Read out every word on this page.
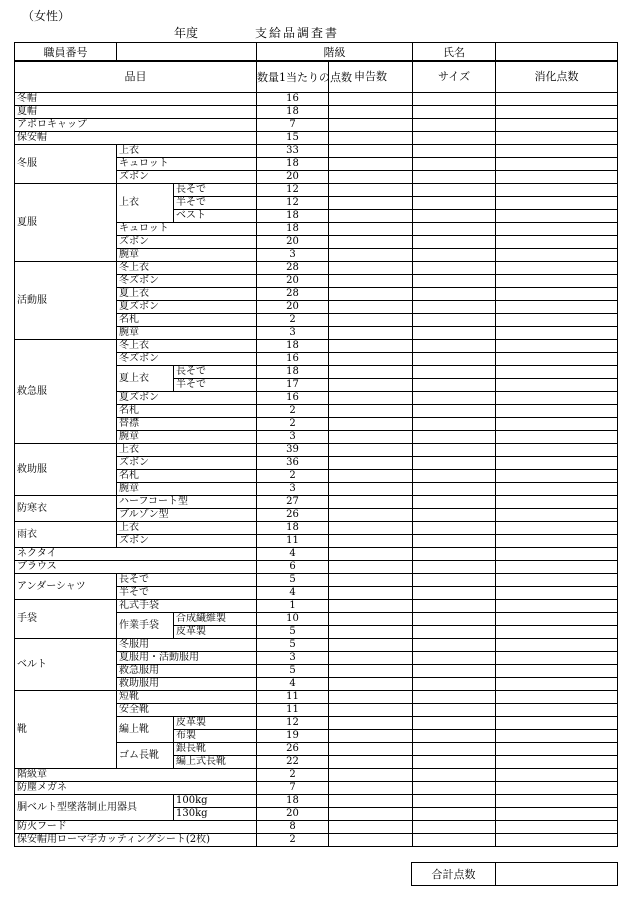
（女性）
年度	支給品調査書
職員番号		階級	氏名	
品目			数量1当たりの点数	申告数	サイズ	消化点数
冬帽			16			
夏帽			18			
アポロキャップ			7			
保安帽			15			
冬服	上衣		33			
	キュロット		18			
	ズボン		20			
夏服	上衣	長そで	12			
		半そで	12			
		ベスト	18			
	キュロット		18			
	ズボン		20			
	腕章		3			
活動服	冬上衣		28			
	冬ズボン		20			
	夏上衣		28			
	夏ズボン		20			
	名札		2			
	腕章		3			
救急服	冬上衣		18			
	冬ズボン		16			
	夏上衣	長そで	18			
		半そで	17			
	夏ズボン		16			
	名札		2			
	替襟		2			
	腕章		3			
救助服	上衣		39			
	ズボン		36			
	名札		2			
	腕章		3			
防寒衣	ハーフコート型		27			
	ブルゾン型		26			
雨衣	上衣		18			
	ズボン		11			
ネクタイ			4			
ブラウス			6			
アンダーシャツ	長そで		5			
	半そで		4			
手袋	礼式手袋		1			
	作業手袋	合成繊維製	10			
		皮革製	5			
ベルト	冬服用		5			
	夏服用・活動服用		3			
	救急服用		5			
	救助服用		4			
靴	短靴		11			
	安全靴		11			
	編上靴	皮革製	12			
		布製	19			
	ゴム長靴	銀長靴	26			
		編上式長靴	22			
階級章			2			
防塵メガネ			7			
胴ベルト型墜落制止用器具		100kg	18			
		130kg	20			
防火フード			8			
保安帽用ローマ字カッティングシート(2枚)			2			
合計点数	
